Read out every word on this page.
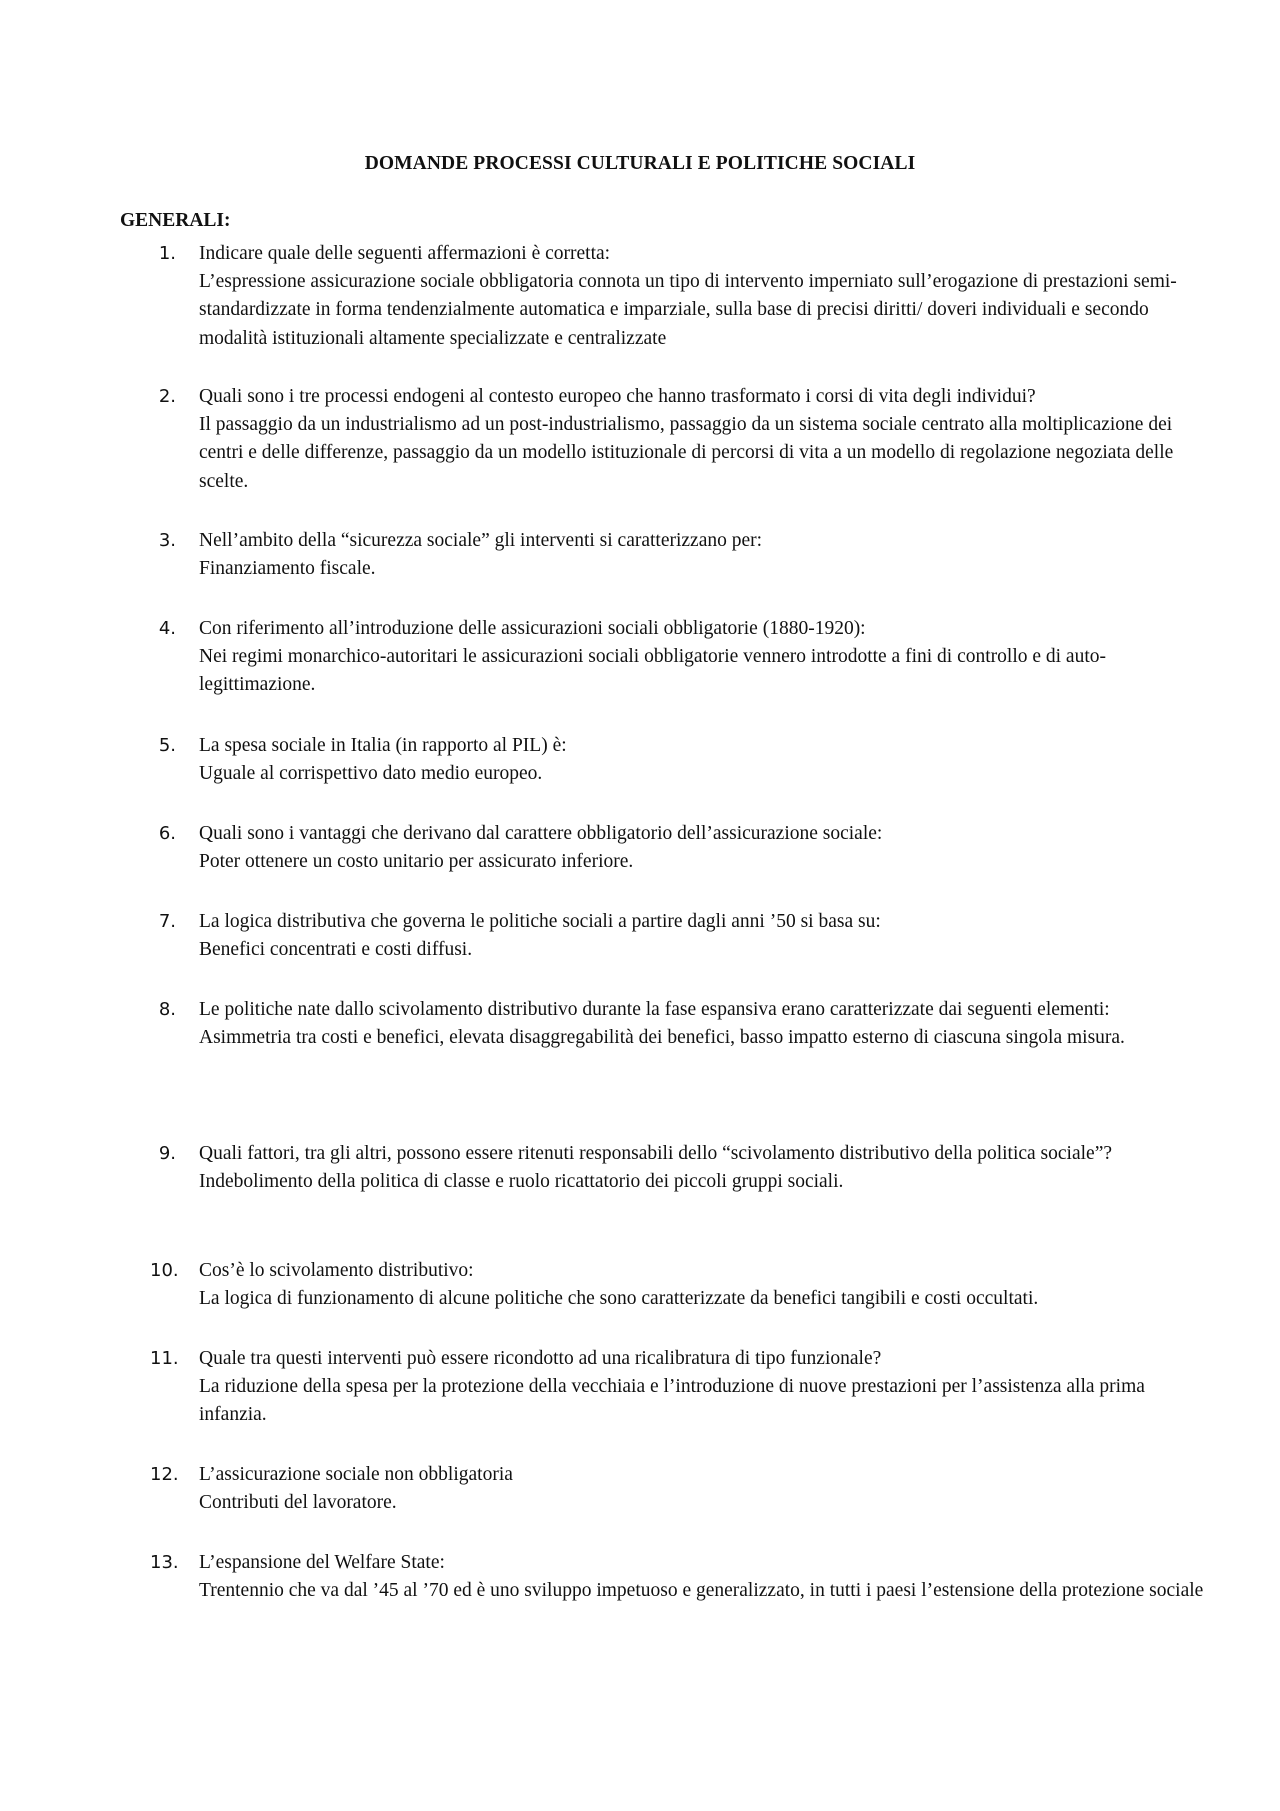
DOMANDE PROCESSI CULTURALI E POLITICHE SOCIALI
GENERALI:
1. Indicare quale delle seguenti affermazioni è corretta:
L’espressione assicurazione sociale obbligatoria connota un tipo di intervento imperniato sull’erogazione di prestazioni semi-standardizzate in forma tendenzialmente automatica e imparziale, sulla base di precisi diritti/ doveri individuali e secondo modalità istituzionali altamente specializzate e centralizzate
2. Quali sono i tre processi endogeni al contesto europeo che hanno trasformato i corsi di vita degli individui?
Il passaggio da un industrialismo ad un post-industrialismo, passaggio da un sistema sociale centrato alla moltiplicazione dei centri e delle differenze, passaggio da un modello istituzionale di percorsi di vita a un modello di regolazione negoziata delle scelte.
3. Nell’ambito della “sicurezza sociale” gli interventi si caratterizzano per:
Finanziamento fiscale.
4. Con riferimento all’introduzione delle assicurazioni sociali obbligatorie (1880-1920):
Nei regimi monarchico-autoritari le assicurazioni sociali obbligatorie vennero introdotte a fini di controllo e di auto-legittimazione.
5. La spesa sociale in Italia (in rapporto al PIL) è:
Uguale al corrispettivo dato medio europeo.
6. Quali sono i vantaggi che derivano dal carattere obbligatorio dell’assicurazione sociale:
Poter ottenere un costo unitario per assicurato inferiore.
7. La logica distributiva che governa le politiche sociali a partire dagli anni ’50 si basa su:
Benefici concentrati e costi diffusi.
8. Le politiche nate dallo scivolamento distributivo durante la fase espansiva erano caratterizzate dai seguenti elementi:
Asimmetria tra costi e benefici, elevata disaggregabilità dei benefici, basso impatto esterno di ciascuna singola misura.
9. Quali fattori, tra gli altri, possono essere ritenuti responsabili dello “scivolamento distributivo della politica sociale”?
Indebolimento della politica di classe e ruolo ricattatorio dei piccoli gruppi sociali.
10. Cos’è lo scivolamento distributivo:
La logica di funzionamento di alcune politiche che sono caratterizzate da benefici tangibili e costi occultati.
11. Quale tra questi interventi può essere ricondotto ad una ricalibratura di tipo funzionale?
La riduzione della spesa per la protezione della vecchiaia e l’introduzione di nuove prestazioni per l’assistenza alla prima infanzia.
12. L’assicurazione sociale non obbligatoria
Contributi del lavoratore.
13. L’espansione del Welfare State:
Trentennio che va dal ’45 al ’70 ed è uno sviluppo impetuoso e generalizzato, in tutti i paesi l’estensione della protezione sociale
